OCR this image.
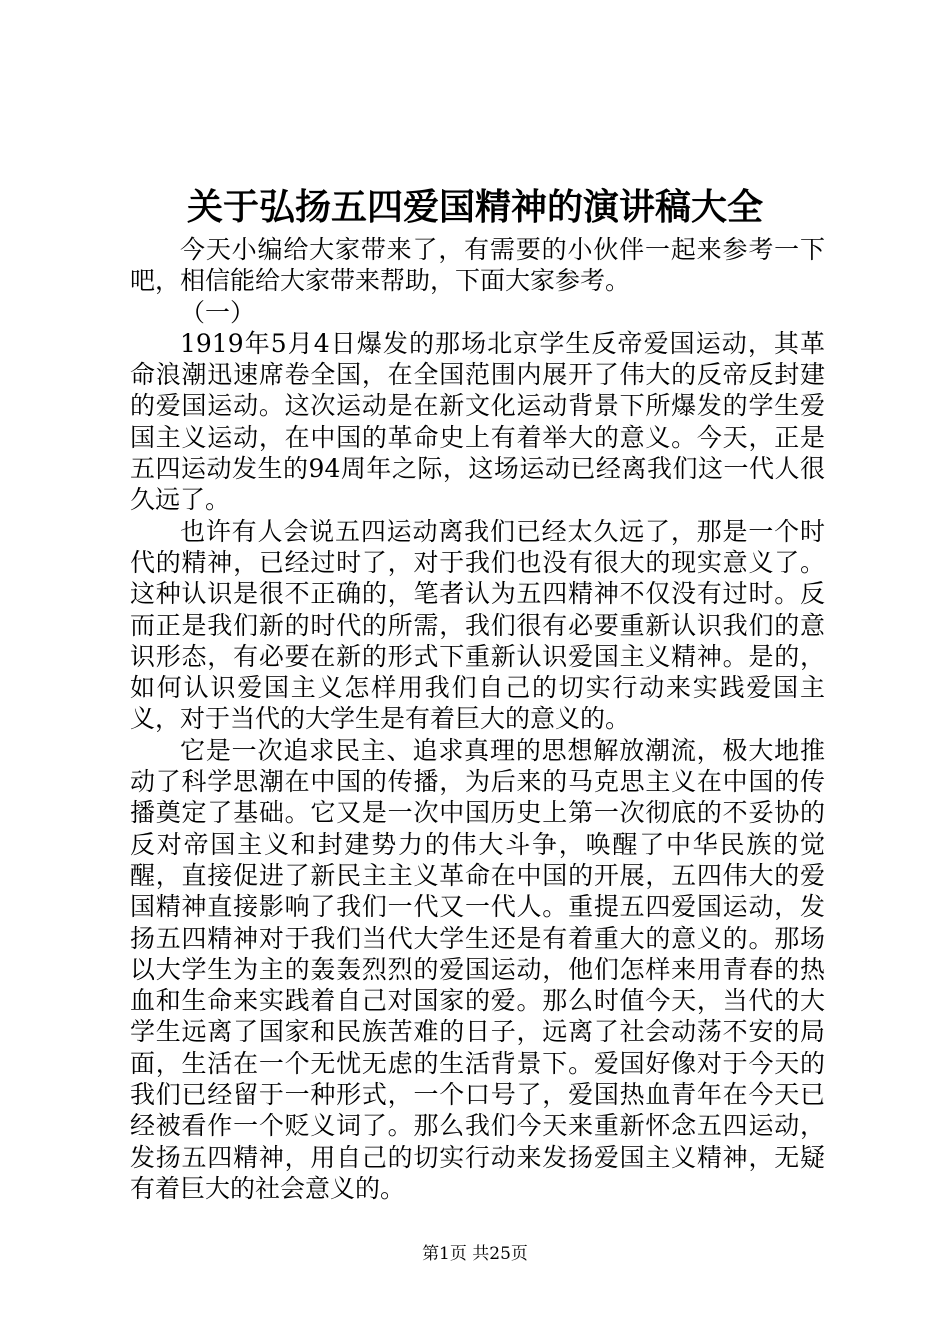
关于弘扬五四爱国精神的演讲稿大全

今天小编给大家带来了，有需要的小伙伴一起来参考一下吧，相信能给大家带来帮助，下面大家参考。

（一）

1919年5月4日爆发的那场北京学生反帝爱国运动，其革命浪潮迅速席卷全国，在全国范围内展开了伟大的反帝反封建的爱国运动。这次运动是在新文化运动背景下所爆发的学生爱国主义运动，在中国的革命史上有着举大的意义。今天，正是五四运动发生的94周年之际，这场运动已经离我们这一代人很久远了。

也许有人会说五四运动离我们已经太久远了，那是一个时代的精神，已经过时了，对于我们也没有很大的现实意义了。这种认识是很不正确的，笔者认为五四精神不仅没有过时。反而正是我们新的时代的所需，我们很有必要重新认识我们的意识形态，有必要在新的形式下重新认识爱国主义精神。是的，如何认识爱国主义怎样用我们自己的切实行动来实践爱国主义，对于当代的大学生是有着巨大的意义的。

它是一次追求民主、追求真理的思想解放潮流，极大地推动了科学思潮在中国的传播，为后来的马克思主义在中国的传播奠定了基础。它又是一次中国历史上第一次彻底的不妥协的反对帝国主义和封建势力的伟大斗争，唤醒了中华民族的觉醒，直接促进了新民主主义革命在中国的开展，五四伟大的爱国精神直接影响了我们一代又一代人。重提五四爱国运动，发扬五四精神对于我们当代大学生还是有着重大的意义的。那场以大学生为主的轰轰烈烈的爱国运动，他们怎样来用青春的热血和生命来实践着自己对国家的爱。那么时值今天，当代的大学生远离了国家和民族苦难的日子，远离了社会动荡不安的局面，生活在一个无忧无虑的生活背景下。爱国好像对于今天的我们已经留于一种形式，一个口号了，爱国热血青年在今天已经被看作一个贬义词了。那么我们今天来重新怀念五四运动，发扬五四精神，用自己的切实行动来发扬爱国主义精神，无疑有着巨大的社会意义的。

第1页 共25页
